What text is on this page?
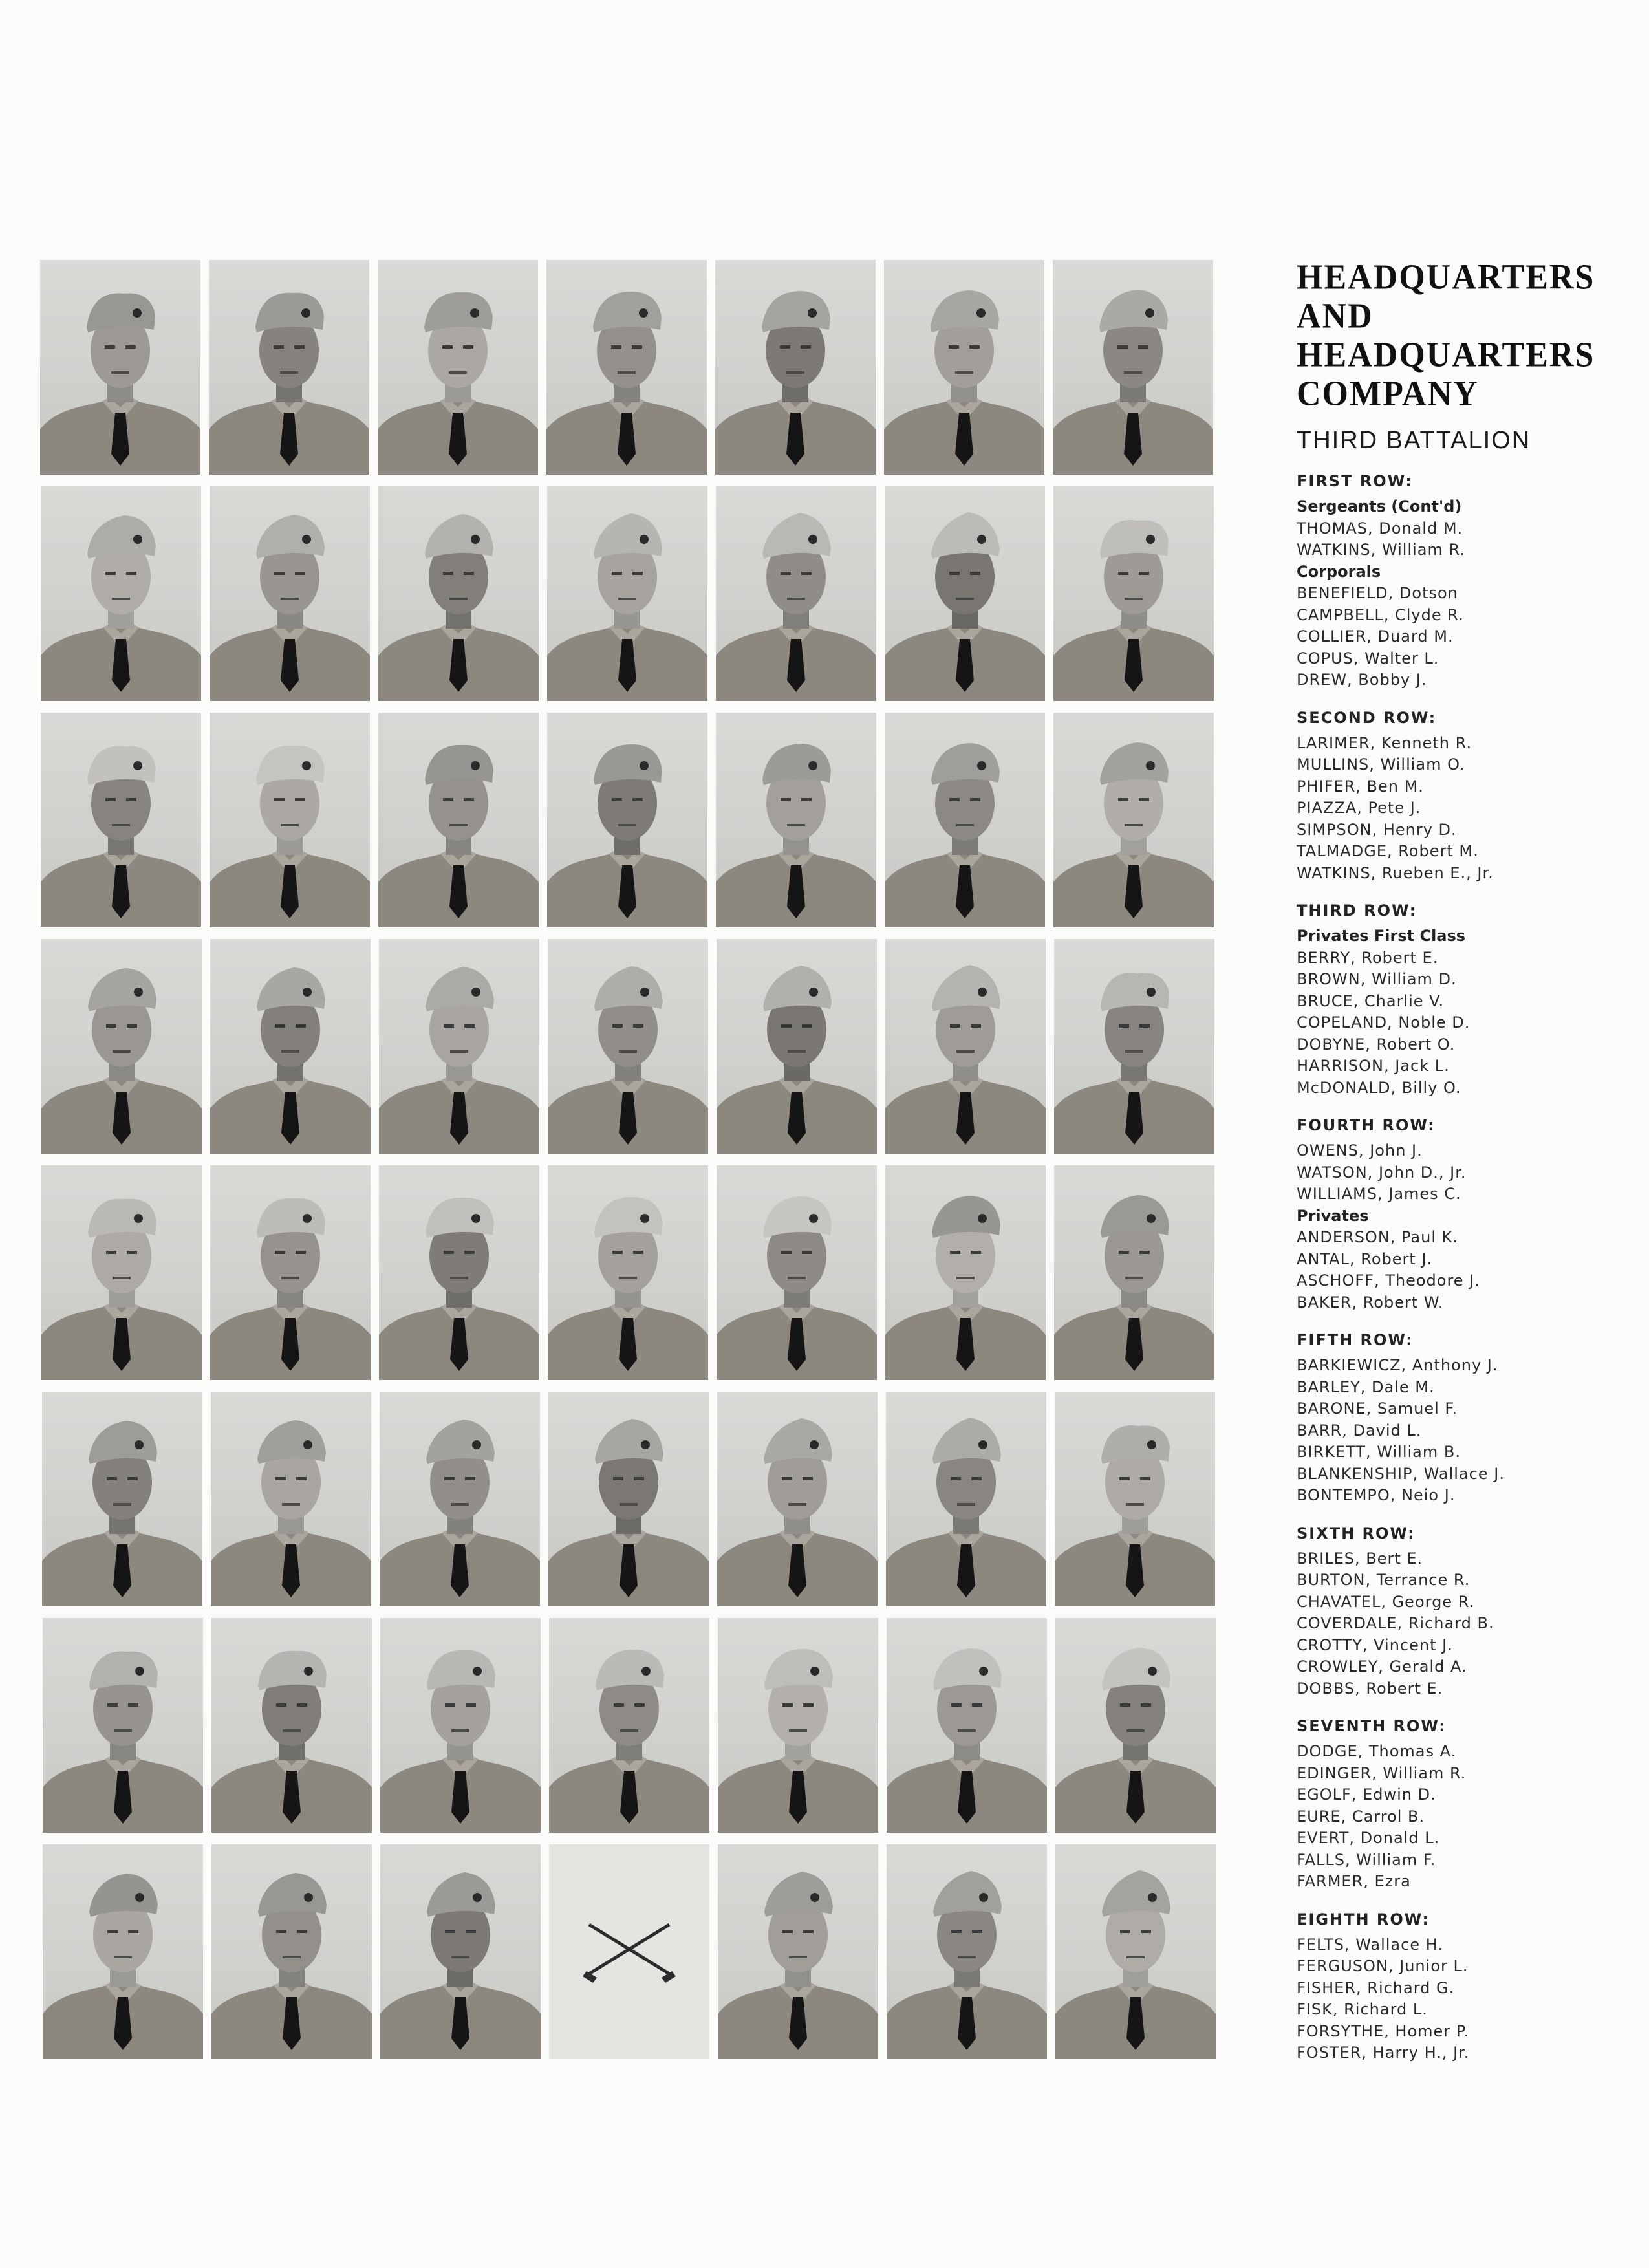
HEADQUARTERS
AND
HEADQUARTERS
COMPANY
THIRD BATTALION
FIRST ROW:
Sergeants (Cont'd)
THOMAS, Donald M.
WATKINS, William R.
Corporals
BENEFIELD, Dotson
CAMPBELL, Clyde R.
COLLIER, Duard M.
COPUS, Walter L.
DREW, Bobby J.
SECOND ROW:
LARIMER, Kenneth R.
MULLINS, William O.
PHIFER, Ben M.
PIAZZA, Pete J.
SIMPSON, Henry D.
TALMADGE, Robert M.
WATKINS, Rueben E., Jr.
THIRD ROW:
Privates First Class
BERRY, Robert E.
BROWN, William D.
BRUCE, Charlie V.
COPELAND, Noble D.
DOBYNE, Robert O.
HARRISON, Jack L.
McDONALD, Billy O.
FOURTH ROW:
OWENS, John J.
WATSON, John D., Jr.
WILLIAMS, James C.
Privates
ANDERSON, Paul K.
ANTAL, Robert J.
ASCHOFF, Theodore J.
BAKER, Robert W.
FIFTH ROW:
BARKIEWICZ, Anthony J.
BARLEY, Dale M.
BARONE, Samuel F.
BARR, David L.
BIRKETT, William B.
BLANKENSHIP, Wallace J.
BONTEMPO, Neio J.
SIXTH ROW:
BRILES, Bert E.
BURTON, Terrance R.
CHAVATEL, George R.
COVERDALE, Richard B.
CROTTY, Vincent J.
CROWLEY, Gerald A.
DOBBS, Robert E.
SEVENTH ROW:
DODGE, Thomas A.
EDINGER, William R.
EGOLF, Edwin D.
EURE, Carrol B.
EVERT, Donald L.
FALLS, William F.
FARMER, Ezra
EIGHTH ROW:
FELTS, Wallace H.
FERGUSON, Junior L.
FISHER, Richard G.
FISK, Richard L.
FORSYTHE, Homer P.
FOSTER, Harry H., Jr.
